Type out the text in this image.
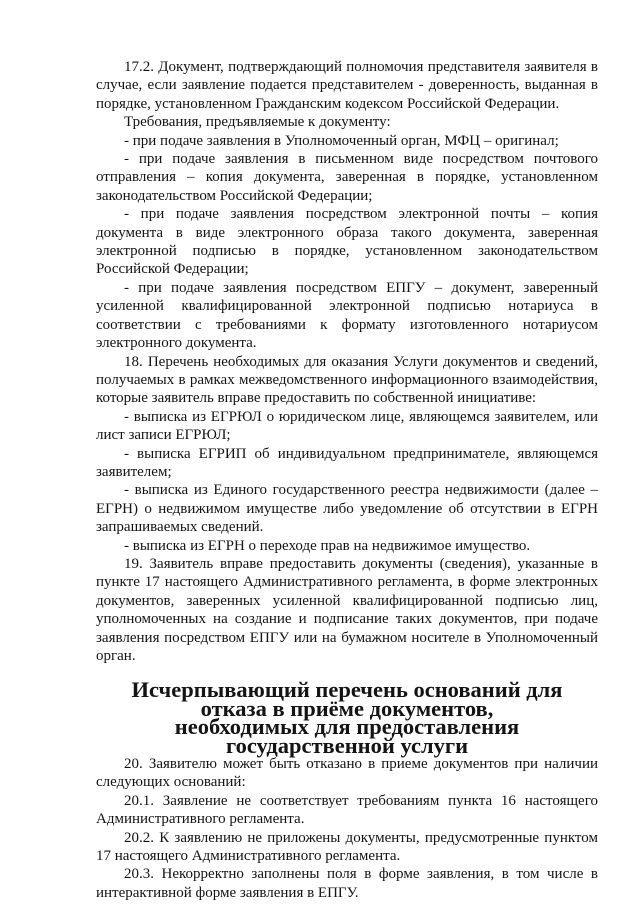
17.2. Документ, подтверждающий полномочия представителя заявителя в случае, если заявление подается представителем - доверенность, выданная в порядке, установленном Гражданским кодексом Российской Федерации.

Требования, предъявляемые к документу:

- при подаче заявления в Уполномоченный орган, МФЦ – оригинал;

- при подаче заявления в письменном виде посредством почтового отправления – копия документа, заверенная в порядке, установленном законодательством Российской Федерации;

- при подаче заявления посредством электронной почты – копия документа в виде электронного образа такого документа, заверенная электронной подписью в порядке, установленном законодательством Российской Федерации;

- при подаче заявления посредством ЕПГУ – документ, заверенный усиленной квалифицированной электронной подписью нотариуса в соответствии с требованиями к формату изготовленного нотариусом электронного документа.

18. Перечень необходимых для оказания Услуги документов и сведений, получаемых в рамках межведомственного информационного взаимодействия, которые заявитель вправе предоставить по собственной инициативе:

- выписка из ЕГРЮЛ о юридическом лице, являющемся заявителем, или лист записи ЕГРЮЛ;

- выписка ЕГРИП об индивидуальном предпринимателе, являющемся заявителем;

- выписка из Единого государственного реестра недвижимости (далее – ЕГРН) о недвижимом имуществе либо уведомление об отсутствии в ЕГРН запрашиваемых сведений.

- выписка из ЕГРН о переходе прав на недвижимое имущество.

19. Заявитель вправе предоставить документы (сведения), указанные в пункте 17 настоящего Административного регламента, в форме электронных документов, заверенных усиленной квалифицированной подписью лиц, уполномоченных на создание и подписание таких документов, при подаче заявления посредством ЕПГУ или на бумажном носителе в Уполномоченный орган.

Исчерпывающий перечень оснований для отказа в приёме документов,
необходимых для предоставления государственной услуги

20. Заявителю может быть отказано в приеме документов при наличии следующих оснований:

20.1. Заявление не соответствует требованиям пункта 16 настоящего Административного регламента.

20.2. К заявлению не приложены документы, предусмотренные пунктом 17 настоящего Административного регламента.

20.3. Некорректно заполнены поля в форме заявления, в том числе в интерактивной форме заявления в ЕПГУ.
